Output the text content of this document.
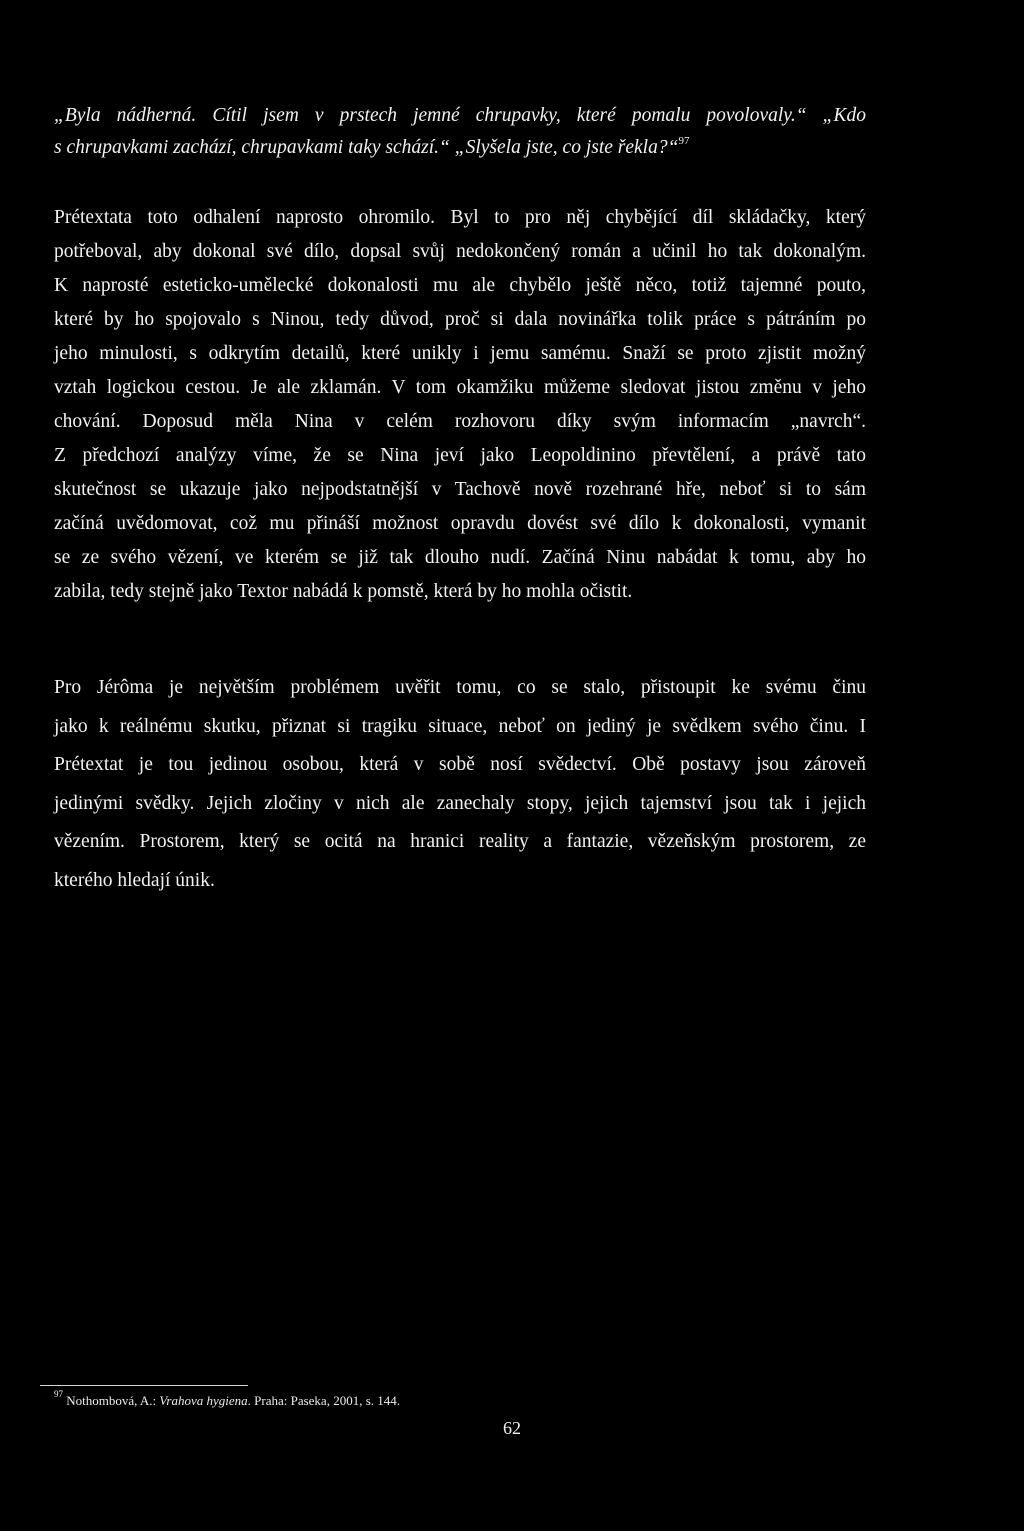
„Byla nádherná. Cítil jsem v prstech jemné chrupavky, které pomalu povolovaly.“ „Kdo
s chrupavkami zachází, chrupavkami taky schází.“ „Slyšela jste, co jste řekla?“$^{97}$

Prétextata toto odhalení naprosto ohromilo. Byl to pro něj chybějící díl skládačky, který
potřeboval, aby dokonal své dílo, dopsal svůj nedokončený román a učinil ho tak dokonalým.
K naprosté esteticko-umělecké dokonalosti mu ale chybělo ještě něco, totiž tajemné pouto,
které by ho spojovalo s Ninou, tedy důvod, proč si dala novinářka tolik práce s pátráním po
jeho minulosti, s odkrytím detailů, které unikly i jemu samému. Snaží se proto zjistit možný
vztah logickou cestou. Je ale zklamán. V tom okamžiku můžeme sledovat jistou změnu v jeho
chování. Doposud měla Nina v celém rozhovoru díky svým informacím „navrch“.
Z předchozí analýzy víme, že se Nina jeví jako Leopoldinino převtělení, a právě tato
skutečnost se ukazuje jako nejpodstatnější v Tachově nově rozehrané hře, neboť si to sám
začíná uvědomovat, což mu přináší možnost opravdu dovést své dílo k dokonalosti, vymanit
se ze svého vězení, ve kterém se již tak dlouho nudí. Začíná Ninu nabádat k tomu, aby ho
zabila, tedy stejně jako Textor nabádá k pomstě, která by ho mohla očistit.

Pro Jérôma je největším problémem uvěřit tomu, co se stalo, přistoupit ke svému činu
jako k reálnému skutku, přiznat si tragiku situace, neboť on jediný je svědkem svého činu. I
Prétextat je tou jedinou osobou, která v sobě nosí svědectví. Obě postavy jsou zároveň
jedinými svědky. Jejich zločiny v nich ale zanechaly stopy, jejich tajemství jsou tak i jejich
vězením. Prostorem, který se ocitá na hranici reality a fantazie, vězeňským prostorem, ze
kterého hledají únik.

$^{97}$ Nothombová, A.: Vrahova hygiena. Praha: Paseka, 2001, s. 144.
62
